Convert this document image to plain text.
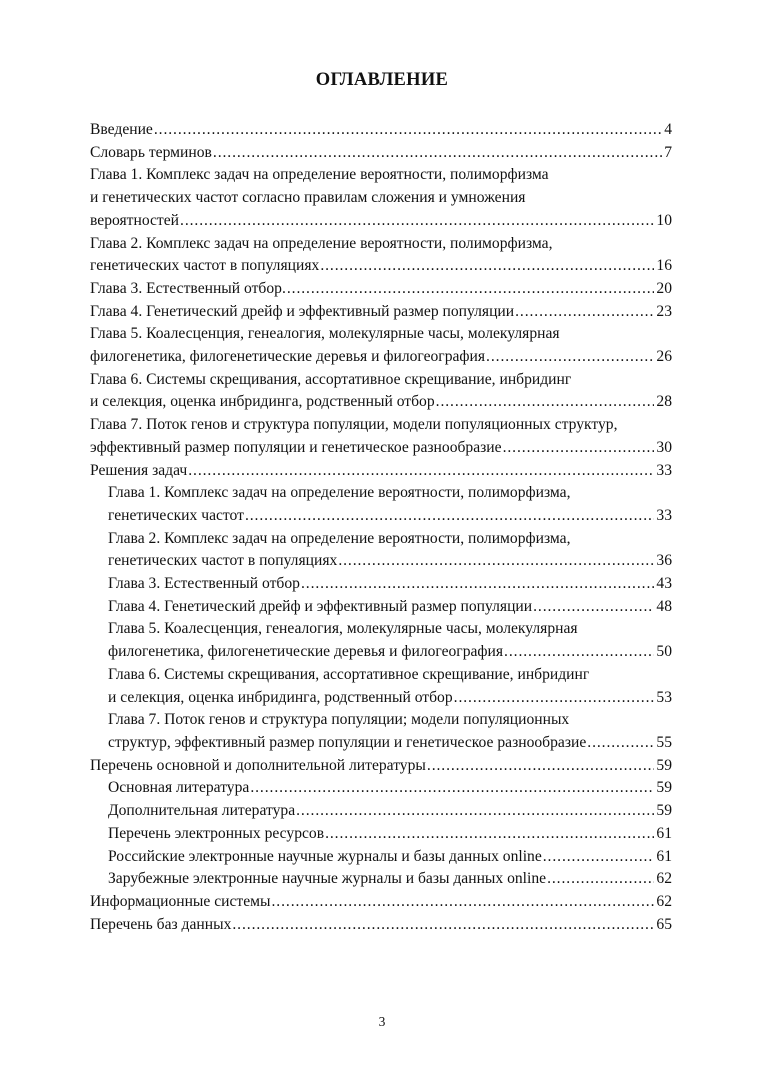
ОГЛАВЛЕНИЕ
Введение .....	4
Словарь терминов .....	7
Глава 1. Комплекс задач на определение вероятности, полиморфизма
и генетических частот согласно правилам сложения и умножения
вероятностей .....	10
Глава 2. Комплекс задач на определение вероятности, полиморфизма,
генетических частот в популяциях .....	16
Глава 3. Естественный отбор. .....	20
Глава 4. Генетический дрейф и эффективный размер популяции .....	23
Глава 5. Коалесценция, генеалогия, молекулярные часы, молекулярная
филогенетика, филогенетические деревья и филогеография .....	26
Глава 6. Системы скрещивания, ассортативное скрещивание, инбридинг
и селекция, оценка инбридинга, родственный отбор .....	28
Глава 7. Поток генов и структура популяции, модели популяционных структур,
эффективный размер популяции и генетическое разнообразие .....	30
Решения задач .....	33
Глава 1. Комплекс задач на определение вероятности, полиморфизма,
генетических частот .....	33
Глава 2. Комплекс задач на определение вероятности, полиморфизма,
генетических частот в популяциях .....	36
Глава 3. Естественный отбор .....	43
Глава 4. Генетический дрейф и эффективный размер популяции .....	48
Глава 5. Коалесценция, генеалогия, молекулярные часы, молекулярная
филогенетика, филогенетические деревья и филогеография .....	50
Глава 6. Системы скрещивания, ассортативное скрещивание, инбридинг
и селекция, оценка инбридинга, родственный отбор .....	53
Глава 7. Поток генов и структура популяции; модели популяционных
структур, эффективный размер популяции и генетическое разнообразие .....	55
Перечень основной и дополнительной литературы .....	59
Основная литература .....	59
Дополнительная литература .....	59
Перечень электронных ресурсов .....	61
Российские электронные научные журналы и базы данных online .....	61
Зарубежные электронные научные журналы и базы данных online .....	62
Информационные системы .....	62
Перечень баз данных .....	65
3
